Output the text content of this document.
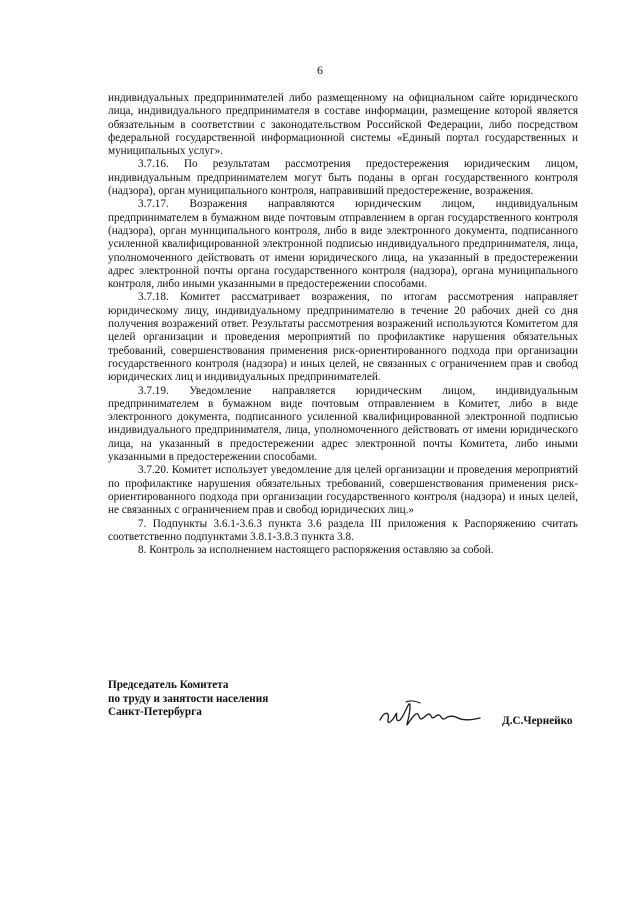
6

индивидуальных предпринимателей либо размещенному на официальном сайте юридического лица, индивидуального предпринимателя в составе информации, размещение которой является обязательным в соответствии с законодательством Российской Федерации, либо посредством федеральной государственной информационной системы «Единый портал государственных и муниципальных услуг».

3.7.16. По результатам рассмотрения предостережения юридическим лицом, индивидуальным предпринимателем могут быть поданы в орган государственного контроля (надзора), орган муниципального контроля, направивший предостережение, возражения.

3.7.17. Возражения направляются юридическим лицом, индивидуальным предпринимателем в бумажном виде почтовым отправлением в орган государственного контроля (надзора), орган муниципального контроля, либо в виде электронного документа, подписанного усиленной квалифицированной электронной подписью индивидуального предпринимателя, лица, уполномоченного действовать от имени юридического лица, на указанный в предостережении адрес электронной почты органа государственного контроля (надзора), органа муниципального контроля, либо иными указанными в предостережении способами.

3.7.18. Комитет рассматривает возражения, по итогам рассмотрения направляет юридическому лицу, индивидуальному предпринимателю в течение 20 рабочих дней со дня получения возражений ответ. Результаты рассмотрения возражений используются Комитетом для целей организации и проведения мероприятий по профилактике нарушения обязательных требований, совершенствования применения риск-ориентированного подхода при организации государственного контроля (надзора) и иных целей, не связанных с ограничением прав и свобод юридических лиц и индивидуальных предпринимателей.

3.7.19. Уведомление направляется юридическим лицом, индивидуальным предпринимателем в бумажном виде почтовым отправлением в Комитет, либо в виде электронного документа, подписанного усиленной квалифицированной электронной подписью индивидуального предпринимателя, лица, уполномоченного действовать от имени юридического лица, на указанный в предостережении адрес электронной почты Комитета, либо иными указанными в предостережении способами.

3.7.20. Комитет использует уведомление для целей организации и проведения мероприятий по профилактике нарушения обязательных требований, совершенствования применения риск-ориентированного подхода при организации государственного контроля (надзора) и иных целей, не связанных с ограничением прав и свобод юридических лиц.»

7. Подпункты 3.6.1-3.6.3 пункта 3.6 раздела III приложения к Распоряжению считать соответственно подпунктами 3.8.1-3.8.3 пункта 3.8.

8. Контроль за исполнением настоящего распоряжения оставляю за собой.

Председатель Комитета
по труду и занятости населения
Санкт-Петербурга
Д.С.Чернейко
